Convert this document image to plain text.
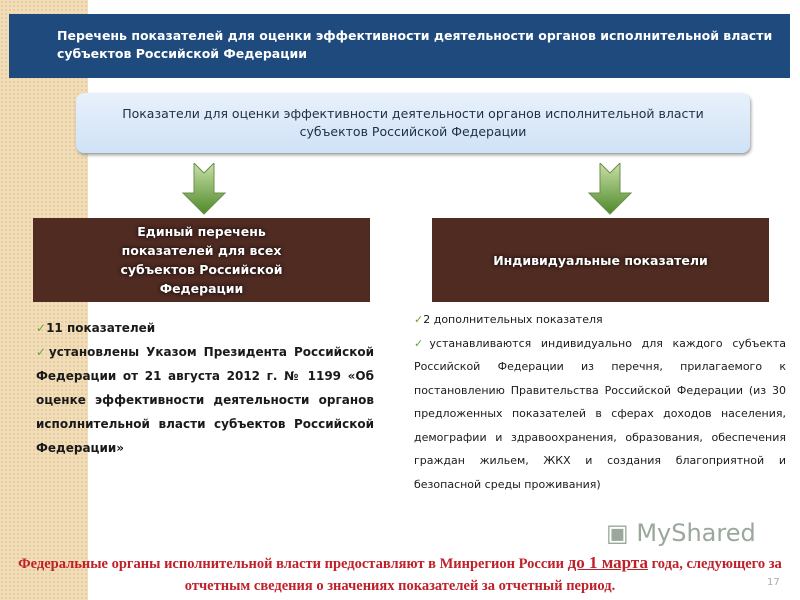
Перечень показателей для оценки эффективности деятельности органов исполнительной власти субъектов Российской Федерации
Показатели для оценки эффективности деятельности органов исполнительной власти субъектов Российской Федерации
Единый перечень показателей для всех субъектов Российской Федерации
Индивидуальные показатели
✓11 показателей
✓установлены Указом Президента Российской Федерации от 21 августа 2012 г. № 1199 «Об оценке эффективности деятельности органов исполнительной власти субъектов Российской Федерации»
✓2 дополнительных показателя
✓устанавливаются индивидуально для каждого субъекта Российской Федерации из перечня, прилагаемого к постановлению Правительства Российской Федерации (из 30 предложенных показателей в сферах доходов населения, демографии и здравоохранения, образования, обеспечения граждан жильем, ЖКХ и создания благоприятной и безопасной среды проживания)
▣ MyShared
Федеральные органы исполнительной власти предоставляют в Минрегион России до 1 марта года, следующего за отчетным сведения о значениях показателей за отчетный период.	17
